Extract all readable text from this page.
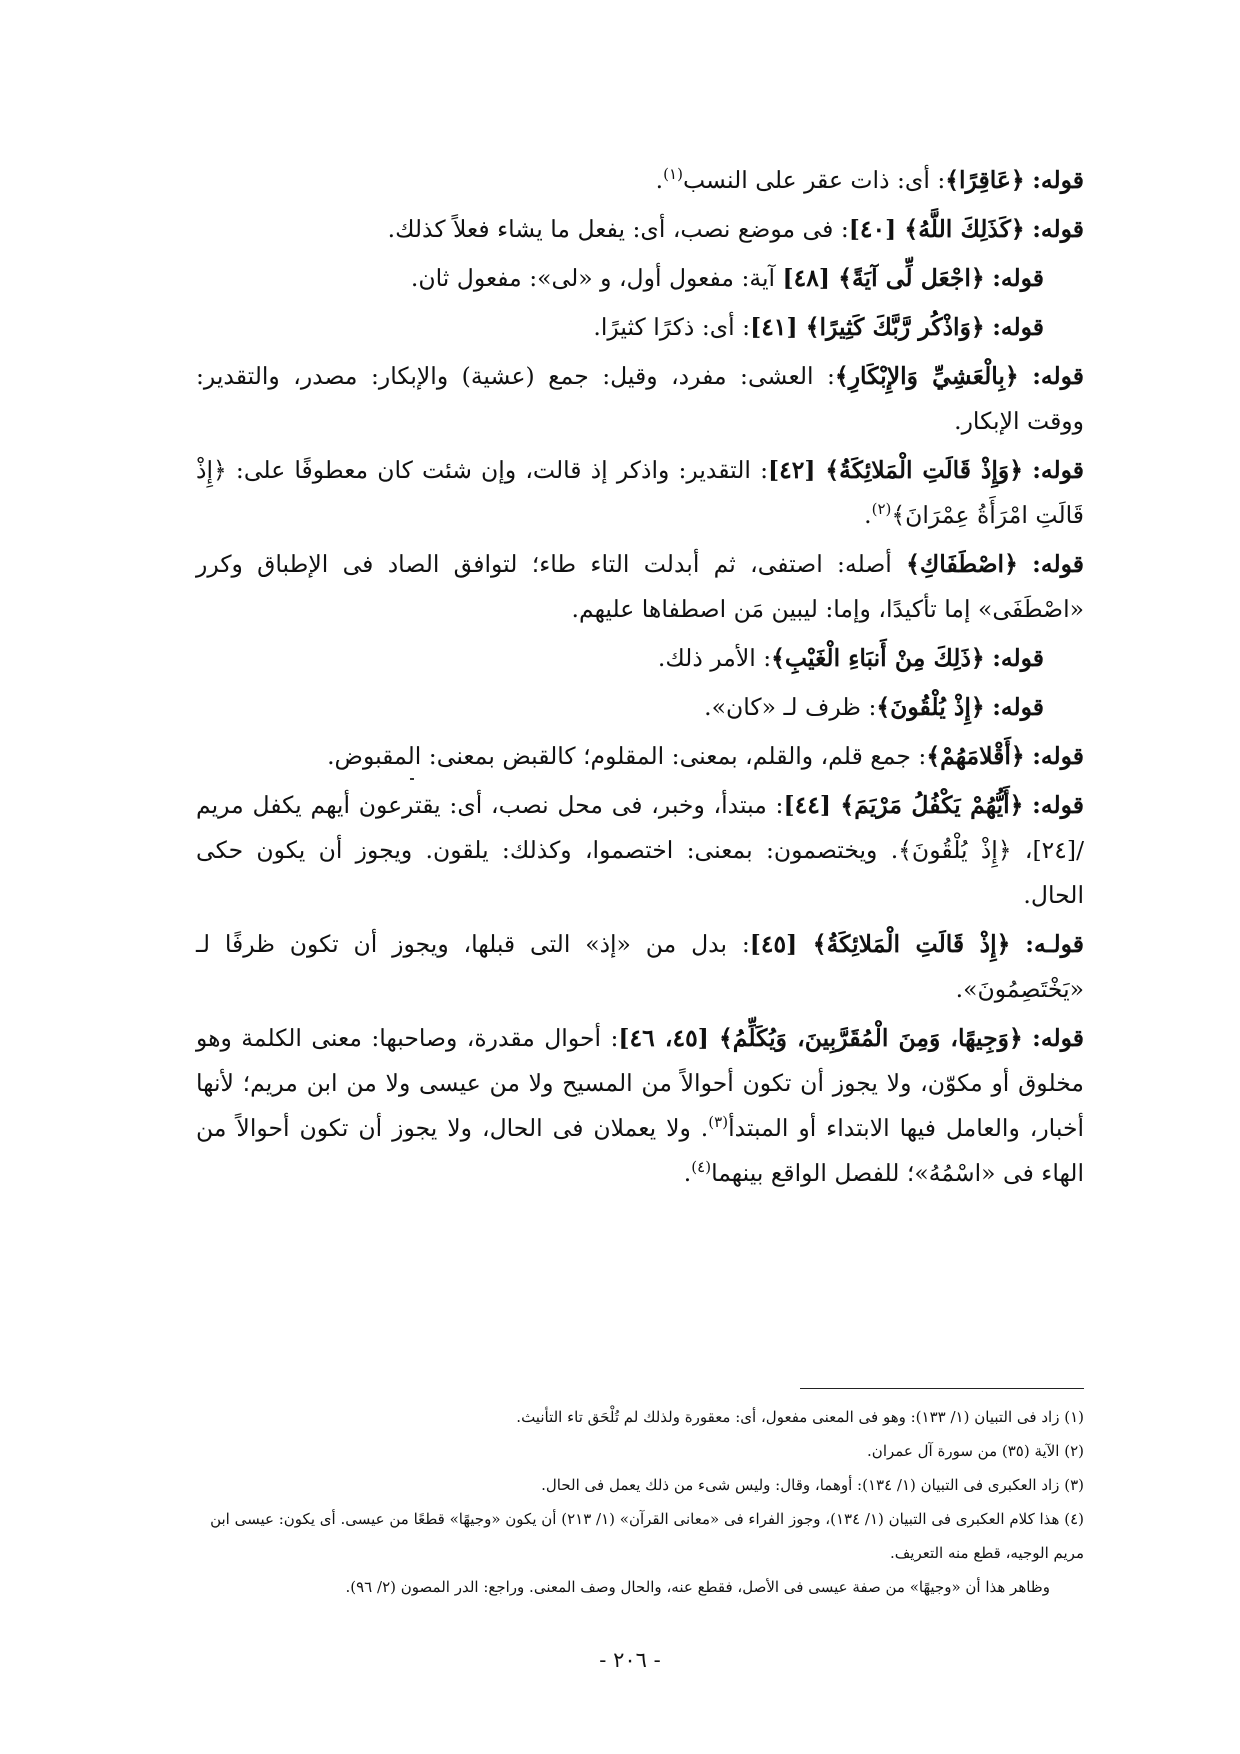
قوله: ﴿عَاقِرًا﴾: أى: ذات عقر على النسب$^{(١)}$.

قوله: ﴿كَذَلِكَ اللَّهُ﴾ [٤٠]: فى موضع نصب، أى: يفعل ما يشاء فعلاً كذلك.

قوله: ﴿اجْعَل لِّى آيَةً﴾ [٤٨] آية: مفعول أول، و «لى»: مفعول ثان.

قوله: ﴿وَاذْكُر رَّبَّكَ كَثِيرًا﴾ [٤١]: أى: ذكرًا كثيرًا.

قوله: ﴿بِالْعَشِيِّ وَالإِبْكَارِ﴾: العشى: مفرد، وقيل: جمع (عشية) والإبكار: مصدر، والتقدير: ووقت الإبكار.

قوله: ﴿وَإِذْ قَالَتِ الْمَلائِكَةُ﴾ [٤٢]: التقدير: واذكر إذ قالت، وإن شئت كان معطوفًا على: ﴿إِذْ قَالَتِ امْرَأَةُ عِمْرَانَ﴾$^{(٢)}$.

قوله: ﴿اصْطَفَاكِ﴾ أصله: اصتفى، ثم أبدلت التاء طاء؛ لتوافق الصاد فى الإطباق وكرر «اصْطَفَى» إما تأكيدًا، وإما: ليبين مَن اصطفاها عليهم.

قوله: ﴿ذَلِكَ مِنْ أَنبَاءِ الْغَيْبِ﴾: الأمر ذلك.

قوله: ﴿إِذْ يُلْقُونَ﴾: ظرف لـ «كان».

قوله: ﴿أَقْلامَهُمْ﴾: جمع قلم، والقلم، بمعنى: المقلوم؛ كالقبض بمعنى: المقبوض.

قوله: ﴿أَيُّهُمْ يَكْفُلُ مَرْيَمَ﴾ [٤٤]: مبتدأ، وخبر، فى محل نصب، أى: يقترعون أيهم يكفل مريم /[٢٤]، ﴿إِذْ يُلْقُونَ﴾. ويختصمون: بمعنى: اختصموا، وكذلك: يلقون. ويجوز أن يكون حكى الحال.

قولـه: ﴿إِذْ قَالَتِ الْمَلائِكَةُ﴾ [٤٥]: بدل من «إذ» التى قبلها، ويجوز أن تكون ظرفًا لـ «يَخْتَصِمُونَ».

قوله: ﴿وَجِيهًا، وَمِنَ الْمُقَرَّبِينَ، وَيُكَلِّمُ﴾ [٤٥، ٤٦]: أحوال مقدرة، وصاحبها: معنى الكلمة وهو مخلوق أو مكوّن، ولا يجوز أن تكون أحوالاً من المسيح ولا من عيسى ولا من ابن مريم؛ لأنها أخبار، والعامل فيها الابتداء أو المبتدأ$^{(٣)}$. ولا يعملان فى الحال، ولا يجوز أن تكون أحوالاً من الهاء فى «اسْمُهُ»؛ للفصل الواقع بينهما$^{(٤)}$.

(١) زاد فى التبيان (١/ ١٣٣): وهو فى المعنى مفعول، أى: معقورة ولذلك لم تُلْحَق تاء التأنيث.

(٢) الآية (٣٥) من سورة آل عمران.

(٣) زاد العكبرى فى التبيان (١/ ١٣٤): أوهما، وقال: وليس شىء من ذلك يعمل فى الحال.

(٤) هذا كلام العكبرى فى التبيان (١/ ١٣٤)، وجوز الفراء فى «معانى القرآن» (١/ ٢١٣) أن يكون «وجيهًا» قطعًا من عيسى. أى يكون: عيسى ابن مريم الوجيه، قطع منه التعريف.

وظاهر هذا أن «وجيهًا» من صفة عيسى فى الأصل، فقطع عنه، والحال وصف المعنى. وراجع: الدر المصون (٢/ ٩٦).

- ٢٠٦ -
